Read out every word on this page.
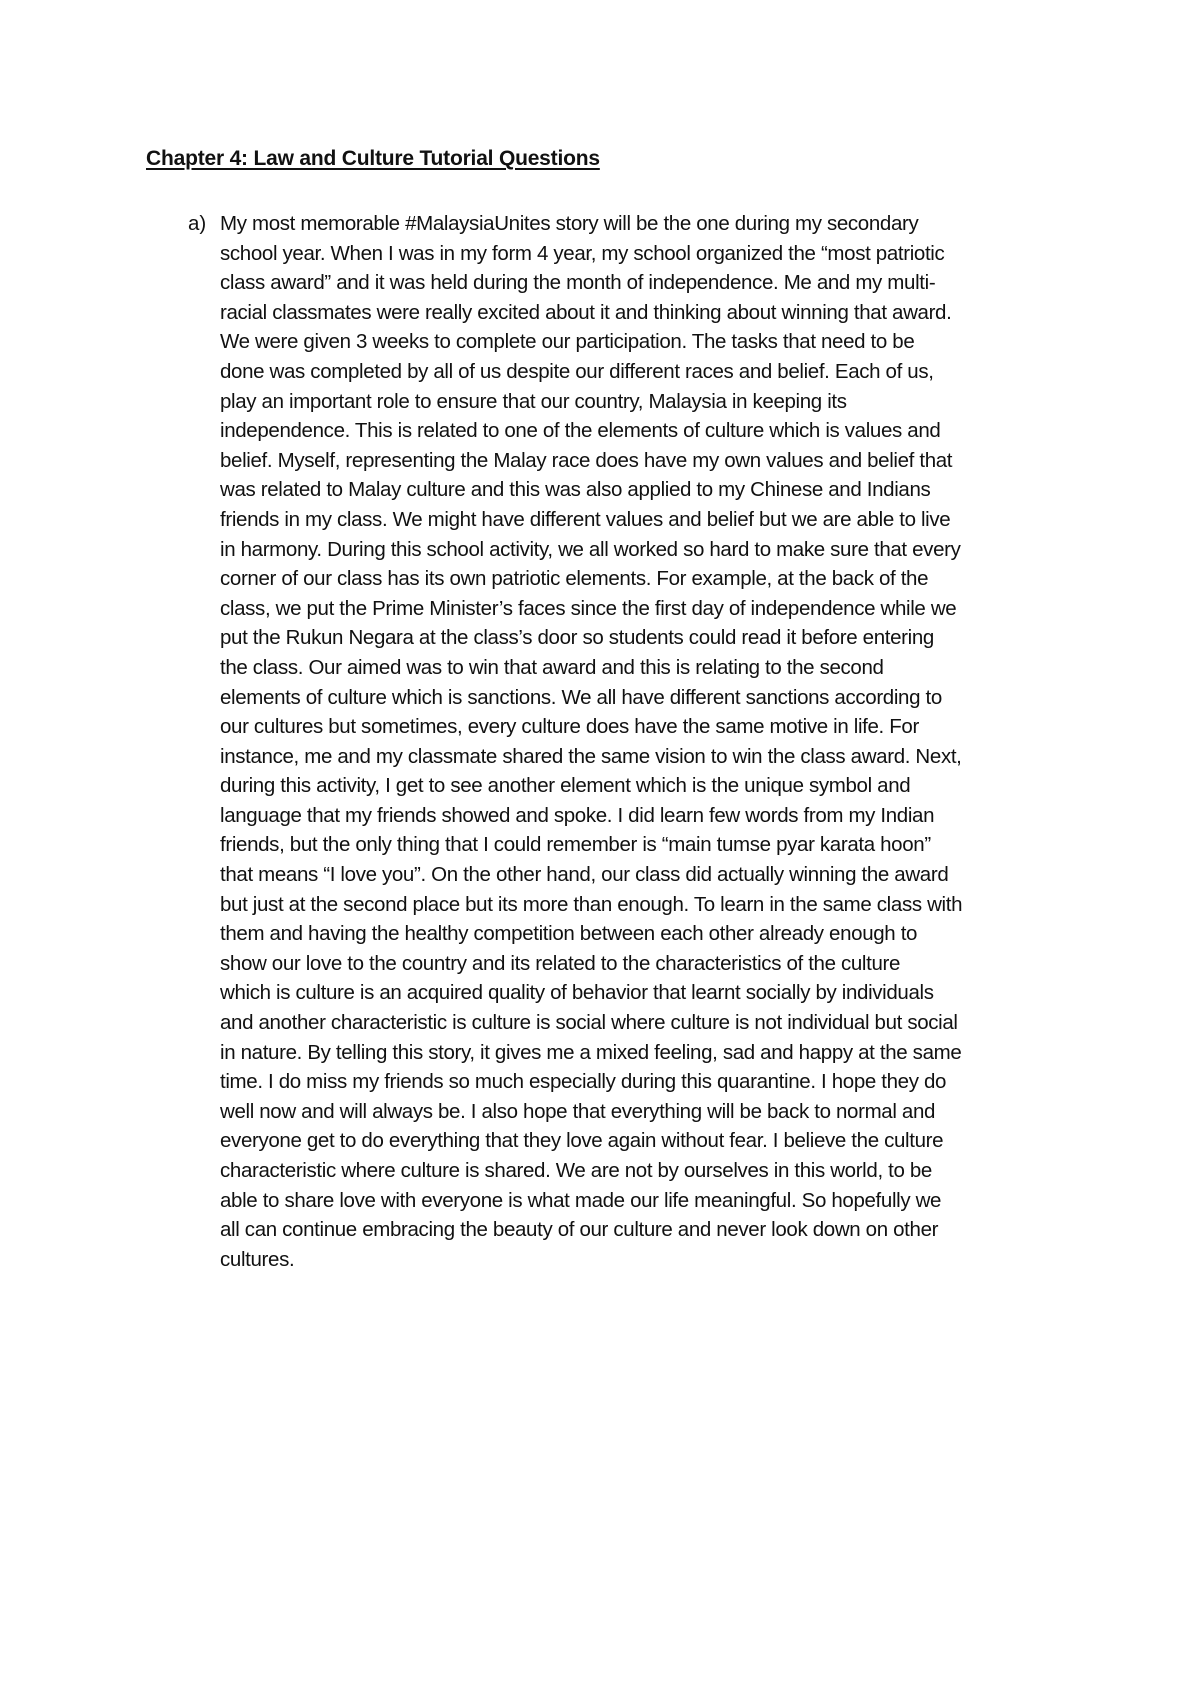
Chapter 4: Law and Culture Tutorial Questions
a) My most memorable #MalaysiaUnites story will be the one during my secondary
school year. When I was in my form 4 year, my school organized the “most patriotic
class award” and it was held during the month of independence. Me and my multi-
racial classmates were really excited about it and thinking about winning that award.
We were given 3 weeks to complete our participation. The tasks that need to be
done was completed by all of us despite our different races and belief. Each of us,
play an important role to ensure that our country, Malaysia in keeping its
independence. This is related to one of the elements of culture which is values and
belief. Myself, representing the Malay race does have my own values and belief that
was related to Malay culture and this was also applied to my Chinese and Indians
friends in my class. We might have different values and belief but we are able to live
in harmony. During this school activity, we all worked so hard to make sure that every
corner of our class has its own patriotic elements. For example, at the back of the
class, we put the Prime Minister’s faces since the first day of independence while we
put the Rukun Negara at the class’s door so students could read it before entering
the class. Our aimed was to win that award and this is relating to the second
elements of culture which is sanctions. We all have different sanctions according to
our cultures but sometimes, every culture does have the same motive in life. For
instance, me and my classmate shared the same vision to win the class award. Next,
during this activity, I get to see another element which is the unique symbol and
language that my friends showed and spoke. I did learn few words from my Indian
friends, but the only thing that I could remember is “main tumse pyar karata hoon”
that means “I love you”. On the other hand, our class did actually winning the award
but just at the second place but its more than enough. To learn in the same class with
them and having the healthy competition between each other already enough to
show our love to the country and its related to the characteristics of the culture
which is culture is an acquired quality of behavior that learnt socially by individuals
and another characteristic is culture is social where culture is not individual but social
in nature. By telling this story, it gives me a mixed feeling, sad and happy at the same
time. I do miss my friends so much especially during this quarantine. I hope they do
well now and will always be. I also hope that everything will be back to normal and
everyone get to do everything that they love again without fear. I believe the culture
characteristic where culture is shared. We are not by ourselves in this world, to be
able to share love with everyone is what made our life meaningful. So hopefully we
all can continue embracing the beauty of our culture and never look down on other
cultures.
